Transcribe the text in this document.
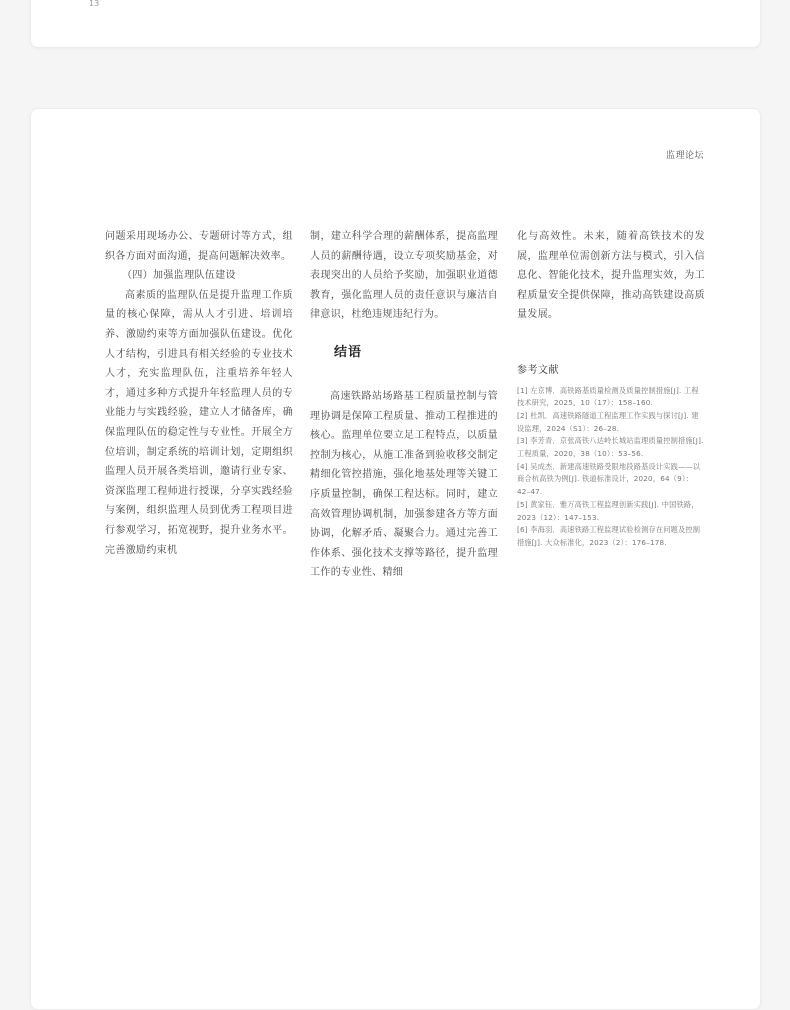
13
监理论坛

问题采用现场办公、专题研讨等方式，组织各方面对面沟通，提高问题解决效率。

（四）加强监理队伍建设

高素质的监理队伍是提升监理工作质量的核心保障，需从人才引进、培训培养、激励约束等方面加强队伍建设。优化人才结构，引进具有相关经验的专业技术人才，充实监理队伍，注重培养年轻人才，通过多种方式提升年轻监理人员的专业能力与实践经验，建立人才储备库，确保监理队伍的稳定性与专业性。开展全方位培训，制定系统的培训计划，定期组织监理人员开展各类培训，邀请行业专家、资深监理工程师进行授课，分享实践经验与案例，组织监理人员到优秀工程项目进行参观学习，拓宽视野，提升业务水平。完善激励约束机

制，建立科学合理的薪酬体系，提高监理人员的薪酬待遇，设立专项奖励基金，对表现突出的人员给予奖励，加强职业道德教育，强化监理人员的责任意识与廉洁自律意识，杜绝违规违纪行为。

结语

高速铁路站场路基工程质量控制与管理协调是保障工程质量、推动工程推进的核心。监理单位要立足工程特点，以质量控制为核心，从施工准备到验收移交制定精细化管控措施，强化地基处理等关键工序质量控制，确保工程达标。同时，建立高效管理协调机制，加强参建各方等方面协调，化解矛盾、凝聚合力。通过完善工作体系、强化技术支撑等路径，提升监理工作的专业性、精细

化与高效性。未来，随着高铁技术的发展，监理单位需创新方法与模式，引入信息化、智能化技术，提升监理实效，为工程质量安全提供保障，推动高铁建设高质量发展。

参考文献

[1] 左京博．高铁路基质量检测及质量控制措施[J]. 工程技术研究，2025，10（17）：158–160.

[2] 杜凯．高速铁路隧道工程监理工作实践与探讨[J]. 建设监理，2024（S1）：26–28.

[3] 李芳青．京张高铁八达岭长城站监理质量控制措施[J]. 工程质量，2020，38（10）：53–56.

[4] 吴成杰．新建高速铁路受限地段路基设计实践——以商合杭高铁为例[J]. 铁道标准设计，2020，64（9）：42–47.

[5] 黄家钰．雅万高铁工程监理创新实践[J]. 中国铁路，2023（12）：147–153.

[6] 李海羽．高速铁路工程监理试验检测存在问题及控制措施[J]. 大众标准化，2023（2）：176–178.
